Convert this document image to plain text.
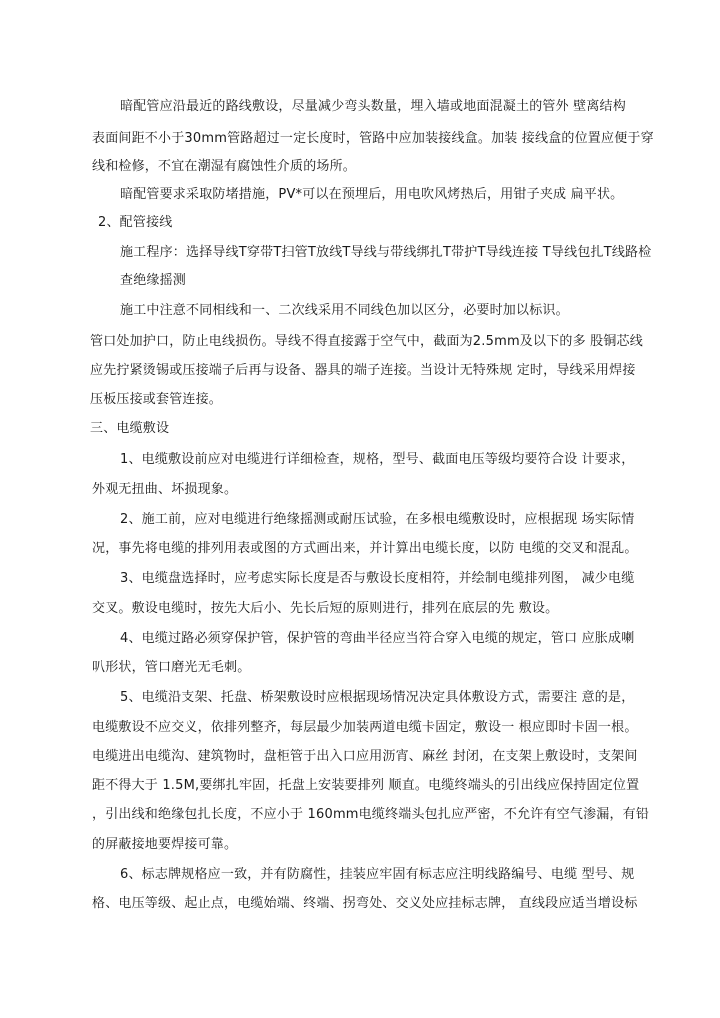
暗配管应沿最近的路线敷设，尽量减少弯头数量，埋入墙或地面混凝土的管外 壁离结构
表面间距不小于30mm管路超过一定长度时，管路中应加装接线盒。加装 接线盒的位置应便于穿
线和检修，不宜在潮湿有腐蚀性介质的场所。
暗配管要求采取防堵措施，PV*可以在预埋后，用电吹风烤热后，用钳子夹成 扁平状。
2、配管接线
施工程序：选择导线T穿带T扫管T放线T导线与带线绑扎T带护T导线连接 T导线包扎T线路检
查绝缘摇测
施工中注意不同相线和一、二次线采用不同线色加以区分，必要时加以标识。
管口处加护口，防止电线损伤。导线不得直接露于空气中，截面为2.5mm及以下的多 股铜芯线
应先拧紧烫锡或压接端子后再与设备、器具的端子连接。当设计无特殊规 定时，导线采用焊接
压板压接或套管连接。
三、电缆敷设
1、电缆敷设前应对电缆进行详细检查，规格，型号、截面电压等级均要符合设 计要求，
外观无扭曲、坏损现象。
2、施工前，应对电缆进行绝缘摇测或耐压试验，在多根电缆敷设时，应根据现 场实际情
况，事先将电缆的排列用表或图的方式画出来，并计算出电缆长度，以防 电缆的交叉和混乱。
3、电缆盘选择时，应考虑实际长度是否与敷设长度相符，并绘制电缆排列图， 减少电缆
交叉。敷设电缆时，按先大后小、先长后短的原则进行，排列在底层的先 敷设。
4、电缆过路必须穿保护管，保护管的弯曲半径应当符合穿入电缆的规定，管口 应胀成喇
叭形状，管口磨光无毛刺。
5、电缆沿支架、托盘、桥架敷设时应根据现场情况决定具体敷设方式，需要注 意的是，
电缆敷设不应交义，依排列整齐，每层最少加装两道电缆卡固定，敷设一 根应即时卡固一根。
电缆进出电缆沟、建筑物时，盘柜管于出入口应用沥宵、麻丝 封闭，在支架上敷设时，支架间
距不得大于 1.5M,要绑扎牢固，托盘上安装要排列 顺直。电缆终端头的引出线应保持固定位置
，引出线和绝缘包扎长度，不应小于 160mm电缆终端头包扎应严密，不允许有空气渗漏，有铅
的屏蔽接地要焊接可靠。
6、标志牌规格应一致，并有防腐性，挂装应牢固有标志应注明线路编号、电缆 型号、规
格、电压等级、起止点，电缆始端、终端、拐弯处、交义处应挂标志牌， 直线段应适当增设标
